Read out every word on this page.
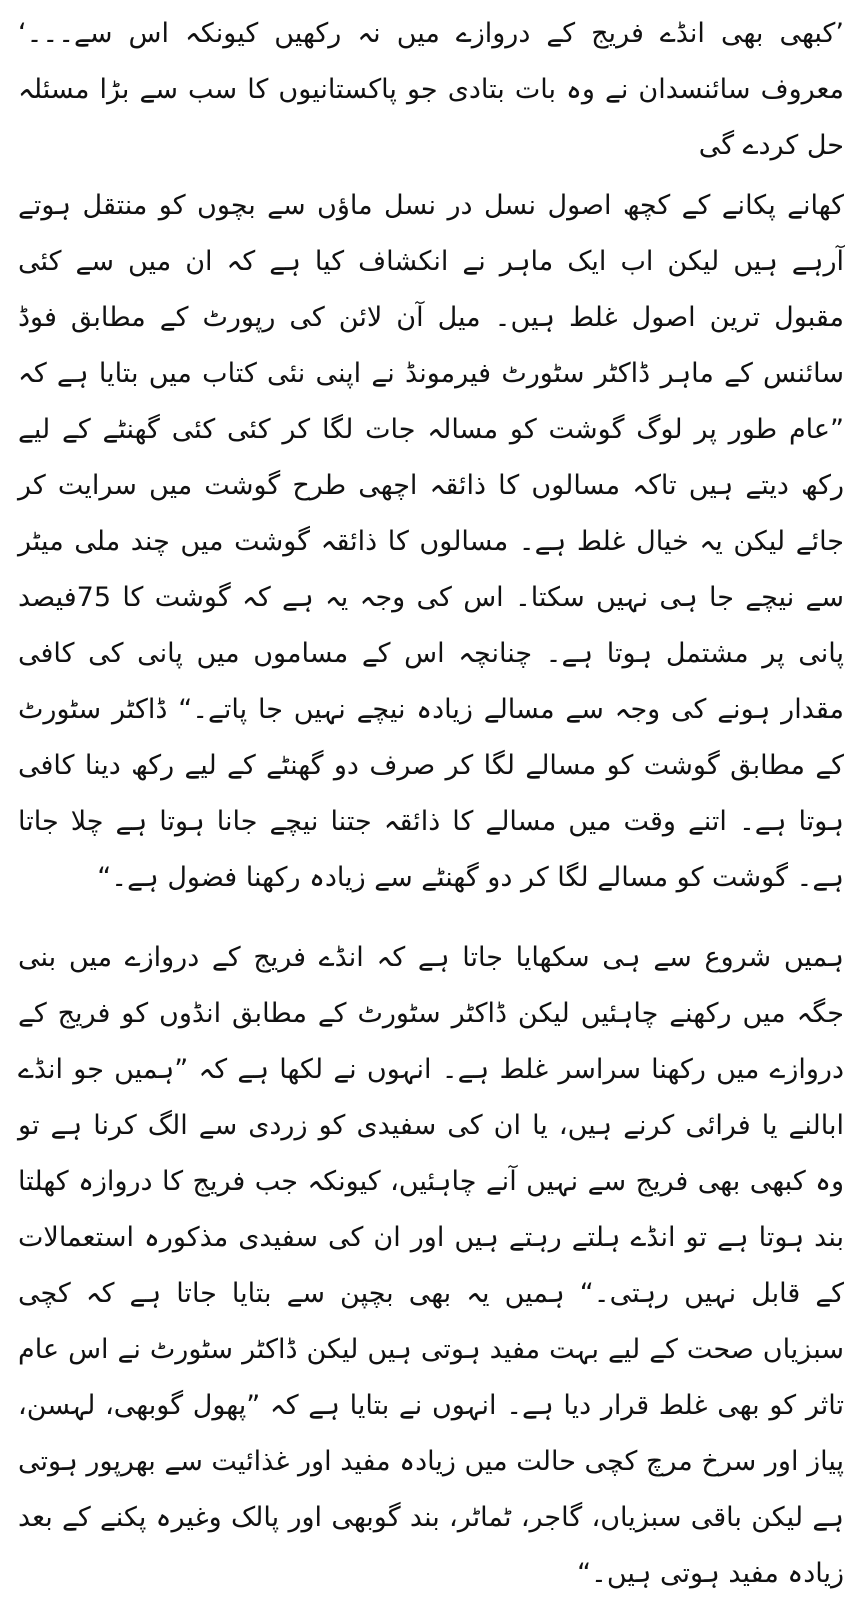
’کبھی بھی انڈے فریج کے دروازے میں نہ رکھیں کیونکہ اس سے۔۔۔‘ معروف سائنسدان نے وہ بات بتادی جو پاکستانیوں کا سب سے بڑا مسئلہ حل کردے گی

کھانے پکانے کے کچھ اصول نسل در نسل ماؤں سے بچوں کو منتقل ہوتے آرہے ہیں لیکن اب ایک ماہر نے انکشاف کیا ہے کہ ان میں سے کئی مقبول ترین اصول غلط ہیں۔ میل آن لائن کی رپورٹ کے مطابق فوڈ سائنس کے ماہر ڈاکٹر سٹورٹ فیرمونڈ نے اپنی نئی کتاب میں بتایا ہے کہ ”عام طور پر لوگ گوشت کو مسالہ جات لگا کر کئی کئی گھنٹے کے لیے رکھ دیتے ہیں تاکہ مسالوں کا ذائقہ اچھی طرح گوشت میں سرایت کر جائے لیکن یہ خیال غلط ہے۔ مسالوں کا ذائقہ گوشت میں چند ملی میٹر سے نیچے جا ہی نہیں سکتا۔ اس کی وجہ یہ ہے کہ گوشت کا 75فیصد پانی پر مشتمل ہوتا ہے۔ چنانچہ اس کے مساموں میں پانی کی کافی مقدار ہونے کی وجہ سے مسالے زیادہ نیچے نہیں جا پاتے۔“ ڈاکٹر سٹورٹ کے مطابق گوشت کو مسالے لگا کر صرف دو گھنٹے کے لیے رکھ دینا کافی ہوتا ہے۔ اتنے وقت میں مسالے کا ذائقہ جتنا نیچے جانا ہوتا ہے چلا جاتا ہے۔ گوشت کو مسالے لگا کر دو گھنٹے سے زیادہ رکھنا فضول ہے۔“

ہمیں شروع سے ہی سکھایا جاتا ہے کہ انڈے فریج کے دروازے میں بنی جگہ میں رکھنے چاہئیں لیکن ڈاکٹر سٹورٹ کے مطابق انڈوں کو فریج کے دروازے میں رکھنا سراسر غلط ہے۔ انہوں نے لکھا ہے کہ ”ہمیں جو انڈے ابالنے یا فرائی کرنے ہیں، یا ان کی سفیدی کو زردی سے الگ کرنا ہے تو وہ کبھی بھی فریج سے نہیں آنے چاہئیں، کیونکہ جب فریج کا دروازہ کھلتا بند ہوتا ہے تو انڈے ہلتے رہتے ہیں اور ان کی سفیدی مذکورہ استعمالات کے قابل نہیں رہتی۔“ ہمیں یہ بھی بچپن سے بتایا جاتا ہے کہ کچی سبزیاں صحت کے لیے بہت مفید ہوتی ہیں لیکن ڈاکٹر سٹورٹ نے اس عام تاثر کو بھی غلط قرار دیا ہے۔ انہوں نے بتایا ہے کہ ”پھول گوبھی، لہسن، پیاز اور سرخ مرچ کچی حالت میں زیادہ مفید اور غذائیت سے بھرپور ہوتی ہے لیکن باقی سبزیاں، گاجر، ٹماٹر، بند گوبھی اور پالک وغیرہ پکنے کے بعد زیادہ مفید ہوتی ہیں۔“
